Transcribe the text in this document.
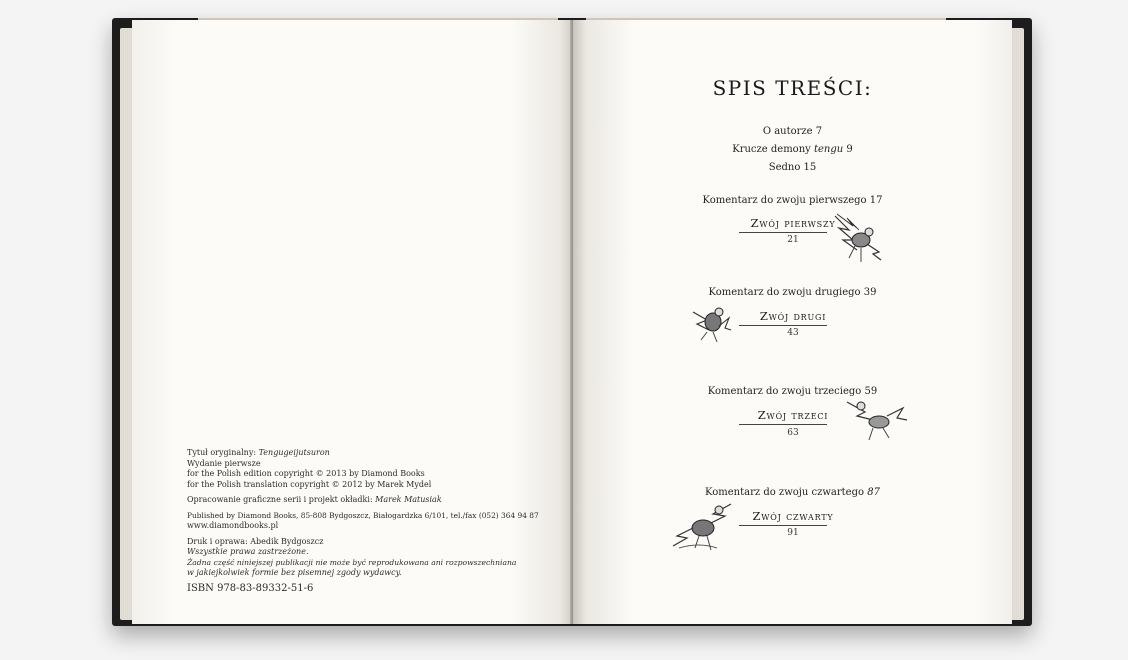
Tytuł oryginalny: Tengugeijutsuron

Wydanie pierwsze

for the Polish edition copyright © 2013 by Diamond Books

for the Polish translation copyright © 2012 by Marek Mydel

Opracowanie graficzne serii i projekt okładki: Marek Matusiak

Published by Diamond Books, 85-808 Bydgoszcz, Białogardzka 6/101, tel./fax (052) 364 94 87

www.diamondbooks.pl

Druk i oprawa: Abedik Bydgoszcz

Wszystkie prawa zastrzeżone.

Żadna część niniejszej publikacji nie może być reprodukowana ani rozpowszechniana

w jakiejkolwiek formie bez pisemnej zgody wydawcy.

ISBN 978-83-89332-51-6

SPIS TREŚCI:
O autorze 7
Krucze demony tengu 9
Sedno 15
Komentarz do zwoju pierwszego 17
Zwój pierwszy
21
Komentarz do zwoju drugiego 39
Zwój drugi
43
Komentarz do zwoju trzeciego 59
Zwój trzeci
63
Komentarz do zwoju czwartego 87
Zwój czwarty
91
